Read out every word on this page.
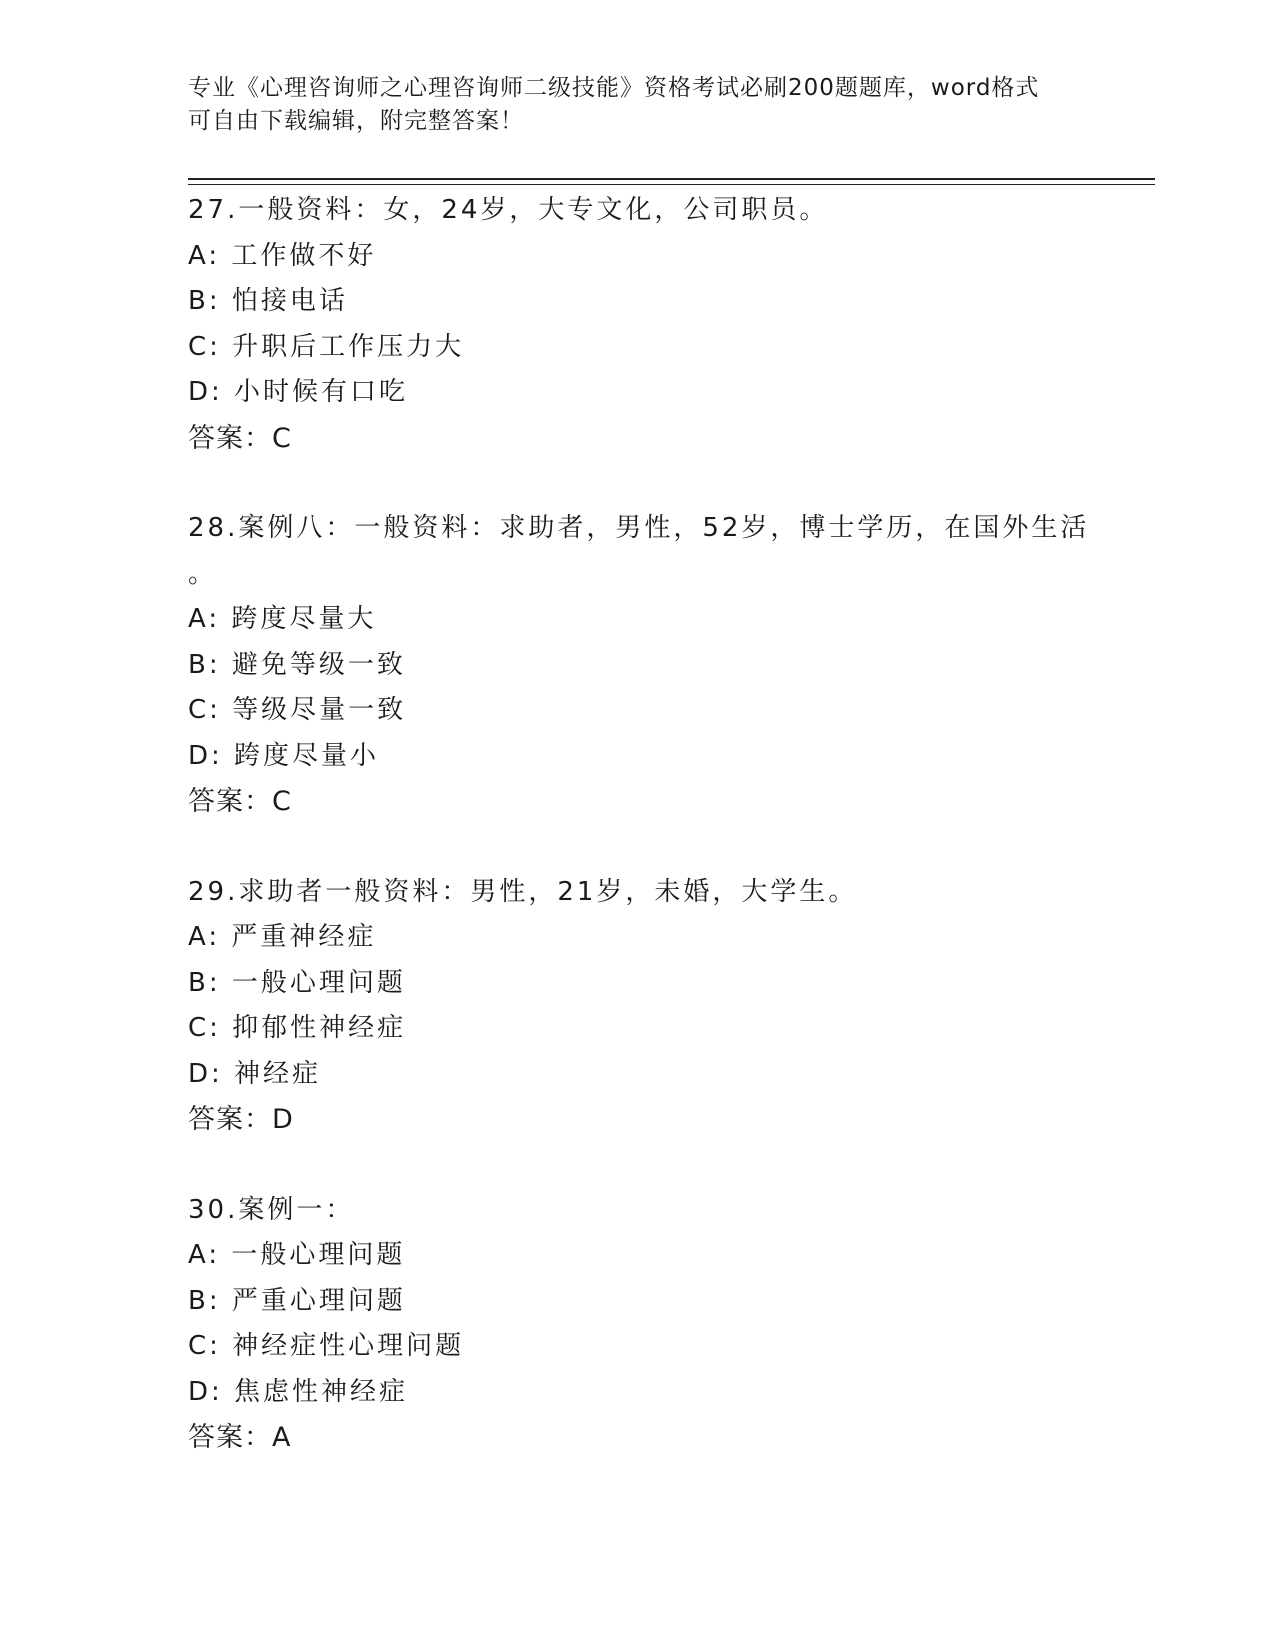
专业《心理咨询师之心理咨询师二级技能》资格考试必刷200题题库，word格式
可自由下载编辑，附完整答案！
27.一般资料：女，24岁，大专文化，公司职员。
A: 工作做不好
B: 怕接电话
C: 升职后工作压力大
D: 小时候有口吃
答案：C
28.案例八：一般资料：求助者，男性，52岁，博士学历，在国外生活
。
A: 跨度尽量大
B: 避免等级一致
C: 等级尽量一致
D: 跨度尽量小
答案：C
29.求助者一般资料：男性，21岁，未婚，大学生。
A: 严重神经症
B: 一般心理问题
C: 抑郁性神经症
D: 神经症
答案：D
30.案例一：
A: 一般心理问题
B: 严重心理问题
C: 神经症性心理问题
D: 焦虑性神经症
答案：A
